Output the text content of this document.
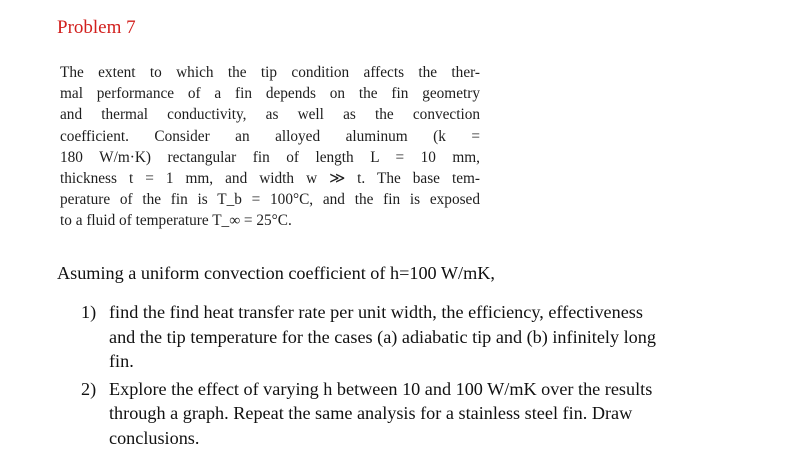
Problem 7
The extent to which the tip condition affects the ther-
mal performance of a fin depends on the fin geometry
and thermal conductivity, as well as the convection
coefficient. Consider an alloyed aluminum (k =
180 W/m·K) rectangular fin of length L = 10 mm,
thickness t = 1 mm, and width w ≫ t. The base tem-
perature of the fin is T_b = 100°C, and the fin is exposed
to a fluid of temperature T_∞ = 25°C.
Asuming a uniform convection coefficient of h=100 W/mK,
1) find the find heat transfer rate per unit width, the efficiency, effectiveness
and the tip temperature for the cases (a) adiabatic tip and (b) infinitely long
fin.
2) Explore the effect of varying h between 10 and 100 W/mK over the results
through a graph. Repeat the same analysis for a stainless steel fin. Draw
conclusions.
